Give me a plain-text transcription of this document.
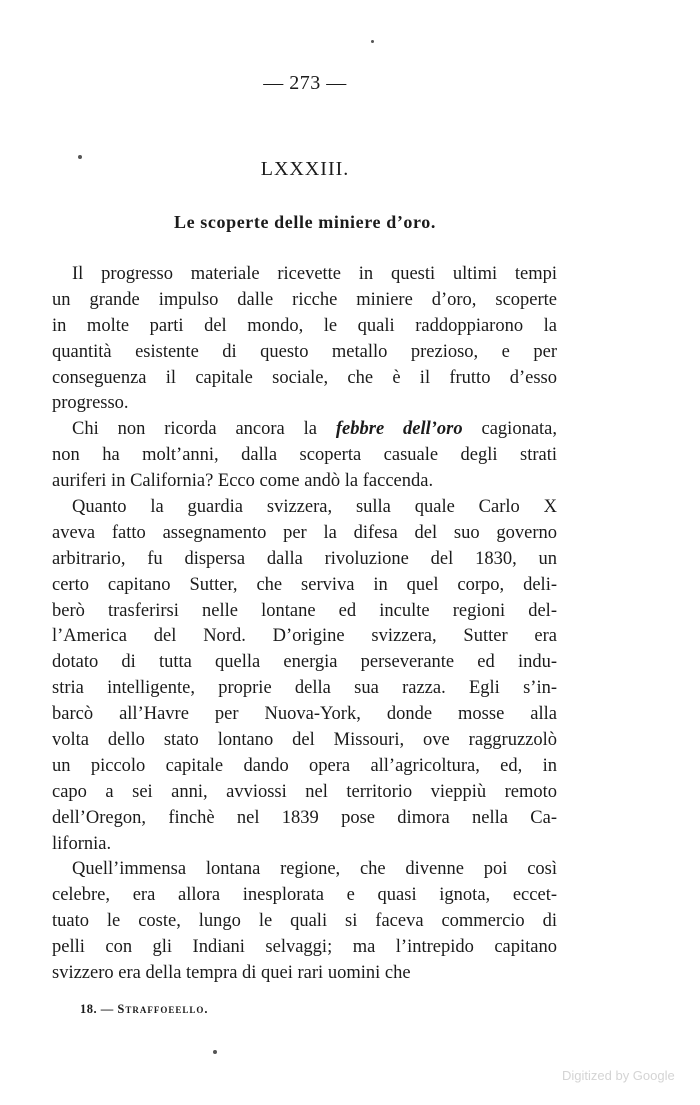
— 273 —
LXXXIII.
Le scoperte delle miniere d’oro.
Il progresso materiale ricevette in questi ultimi tempi
un grande impulso dalle ricche miniere d’oro, scoperte
in molte parti del mondo, le quali raddoppiarono la
quantità esistente di questo metallo prezioso, e per
conseguenza il capitale sociale, che è il frutto d’esso
progresso.
Chi non ricorda ancora la febbre dell’oro cagionata,
non ha molt’anni, dalla scoperta casuale degli strati
auriferi in California? Ecco come andò la faccenda.
Quanto la guardia svizzera, sulla quale Carlo X
aveva fatto assegnamento per la difesa del suo governo
arbitrario, fu dispersa dalla rivoluzione del 1830, un
certo capitano Sutter, che serviva in quel corpo, deli-
berò trasferirsi nelle lontane ed inculte regioni del-
l’America del Nord. D’origine svizzera, Sutter era
dotato di tutta quella energia perseverante ed indu-
stria intelligente, proprie della sua razza. Egli s’in-
barcò all’Havre per Nuova-York, donde mosse alla
volta dello stato lontano del Missouri, ove raggruzzolò
un piccolo capitale dando opera all’agricoltura, ed, in
capo a sei anni, avviossi nel territorio vieppiù remoto
dell’Oregon, finchè nel 1839 pose dimora nella Ca-
lifornia.
Quell’immensa lontana regione, che divenne poi così
celebre, era allora inesplorata e quasi ignota, eccet-
tuato le coste, lungo le quali si faceva commercio di
pelli con gli Indiani selvaggi; ma l’intrepido capitano
svizzero era della tempra di quei rari uomini che
18. — Straffoeello.
Digitized by Google
